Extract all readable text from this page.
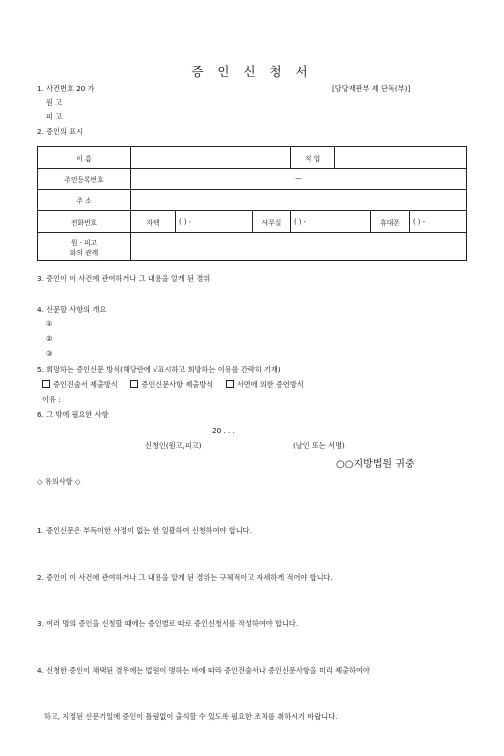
증 인 신 청 서
1. 사건번호 20 가	[담당재판부 제 단독(부)]
원 고
피 고
2. 증인의 표시
이 름				직 업			
주민등록번호	—						
주 소							
전화번호	자택	( ) -	사무실	( ) -		휴대폰	( ) -

원 · 피고
와의 관계							

3. 증인이 이 사건에 관여하거나 그 내용을 알게 된 경위
4. 신문할 사항의 개요
①
②
③
5. 희망하는 증인신문 방식(해당란에 √표시하고 희망하는 이유를 간략히 기재)
증인진술서 제출방식	증인신문사항 제출방식	서면에 의한 증언방식
이유 :
6. 그 밖에 필요한 사항
20 . . .
신청인(원고,피고)	(날인 또는 서명)
○○지방법원 귀중
◇ 유의사항 ◇

1. 증인신문은 부득이한 사정이 없는 한 일괄하여 신청하여야 합니다.

2. 증인이 이 사건에 관여하거나 그 내용을 알게 된 경위는 구체적이고 자세하게 적어야 합니다.

3. 여러 명의 증인을 신청할 때에는 증인별로 따로 증인신청서를 작성하여야 합니다.

4. 신청한 증인이 채택된 경우에는 법원이 명하는 바에 따라 증인진술서나 증인신문사항을 미리 제출하여야

하고, 지정된 신문기일에 증인이 틀림없이 출석할 수 있도록 필요한 조치를 취하시기 바랍니다.
